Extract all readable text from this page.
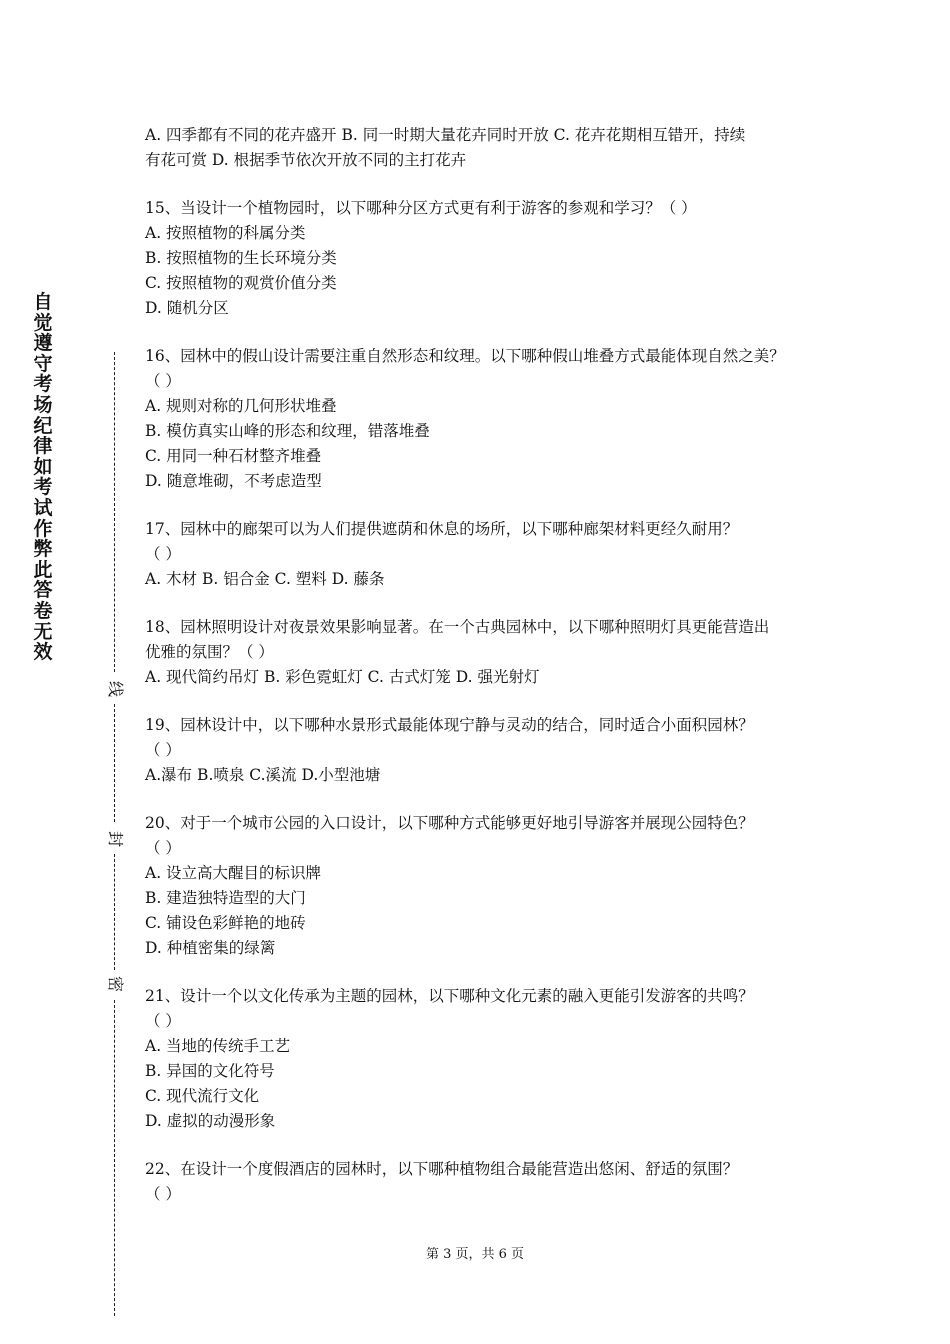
自觉遵守考场纪律如考试作弊此答卷无效
线
封
密
A. 四季都有不同的花卉盛开 B. 同一时期大量花卉同时开放 C. 花卉花期相互错开，持续
有花可赏 D. 根据季节依次开放不同的主打花卉
15、当设计一个植物园时，以下哪种分区方式更有利于游客的参观和学习？（ ）
A. 按照植物的科属分类
B. 按照植物的生长环境分类
C. 按照植物的观赏价值分类
D. 随机分区
16、园林中的假山设计需要注重自然形态和纹理。以下哪种假山堆叠方式最能体现自然之美？
（ ）
A. 规则对称的几何形状堆叠
B. 模仿真实山峰的形态和纹理，错落堆叠
C. 用同一种石材整齐堆叠
D. 随意堆砌，不考虑造型
17、园林中的廊架可以为人们提供遮荫和休息的场所，以下哪种廊架材料更经久耐用？
（ ）
A. 木材 B. 铝合金 C. 塑料 D. 藤条
18、园林照明设计对夜景效果影响显著。在一个古典园林中，以下哪种照明灯具更能营造出
优雅的氛围？（ ）
A. 现代简约吊灯 B. 彩色霓虹灯 C. 古式灯笼 D. 强光射灯
19、园林设计中，以下哪种水景形式最能体现宁静与灵动的结合，同时适合小面积园林？
（ ）
A.瀑布 B.喷泉 C.溪流 D.小型池塘
20、对于一个城市公园的入口设计，以下哪种方式能够更好地引导游客并展现公园特色？
（ ）
A. 设立高大醒目的标识牌
B. 建造独特造型的大门
C. 铺设色彩鲜艳的地砖
D. 种植密集的绿篱
21、设计一个以文化传承为主题的园林，以下哪种文化元素的融入更能引发游客的共鸣？
（ ）
A. 当地的传统手工艺
B. 异国的文化符号
C. 现代流行文化
D. 虚拟的动漫形象
22、在设计一个度假酒店的园林时，以下哪种植物组合最能营造出悠闲、舒适的氛围？
（ ）
第 3 页，共 6 页
